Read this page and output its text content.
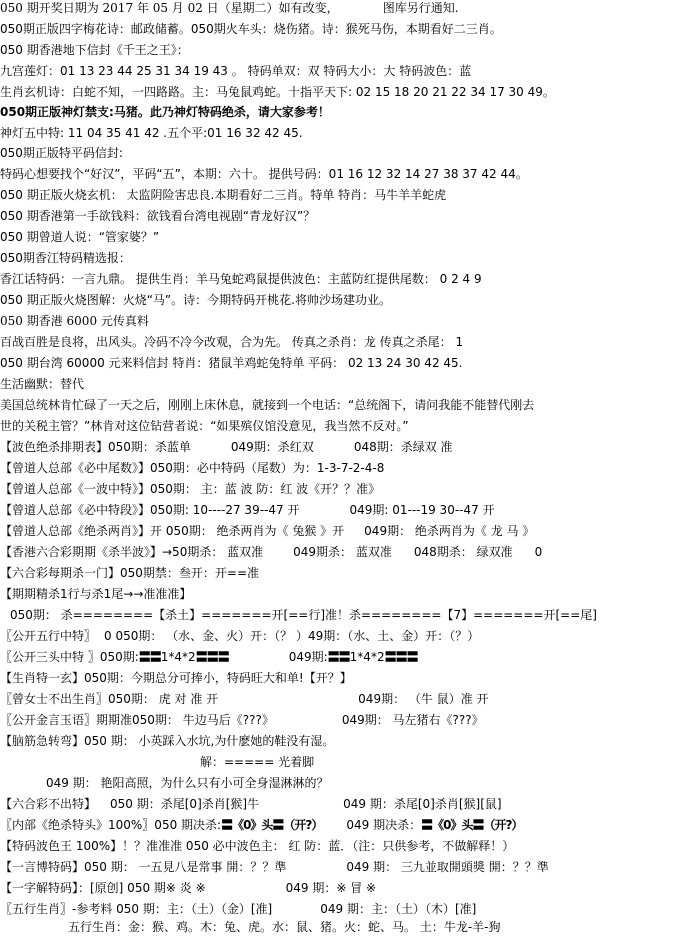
050 期开奖日期为 2017 年 05 月 02 日（星期二）如有改变，	图库另行通知.
050期正版四字梅花诗：邮政储蓄。050期火车头：烧伤猪。诗：猴死马伤，本期看好二三肖。
050 期香港地下信封《千王之王》：
九宫莲灯：01 13 23 44 25 31 34 19 43 。 特码单双：双 特码大小：大 特码波色：蓝
生肖玄机诗：白蛇不知，一四路路。主：马兔鼠鸡蛇。十指平天下: 02 15 18 20 21 22 34 17 30 49。
050期正版神灯禁支:马猪。此乃神灯特码绝杀，请大家参考！
神灯五中特: 11 04 35 41 42 .五个平:01 16 32 42 45.
050期正版特平码信封:
特码心想要找个“好汉”，平码“五”，本期：六十。 提供号码：01 16 12 32 14 27 38 37 42 44。
050 期正版火烧玄机： 太监阴险害忠良.本期看好二三肖。特单 特肖：马牛羊羊蛇虎
050 期香港第一手欲钱料：欲钱看台湾电视剧“青龙好汉”？
050 期曾道人说：“管家婆？”
050期香江特码精选报：
香江话特码：一言九鼎。 提供生肖：羊马兔蛇鸡鼠提供波色：主蓝防红提供尾数： 0 2 4 9
050 期正版火烧图解：火烧“马”。诗：今期特码开桃花.将帅沙场建功业。
050 期香港 6000 元传真料
百战百胜是良将，出风头。冷码不冷今改观，合为先。 传真之杀肖：龙 传真之杀尾： 1
050 期台湾 60000 元来料信封 特肖：猪鼠羊鸡蛇兔特单 平码： 02 13 24 30 42 45.
生活幽默：替代
美国总统林肯忙碌了一天之后，刚刚上床休息，就接到一个电话：“总统阁下，请问我能不能替代刚去
世的关税主管？”林肯对这位钻营者说：“如果殡仪馆没意见，我当然不反对。”
【波色绝杀排期表】050期：杀蓝单	049期：杀红双	048期：杀绿双 准
【曾道人总部《必中尾数》】050期：必中特码（尾数）为：1-3-7-2-4-8
【曾道人总部《一波中特》】050期： 主：蓝 波 防：红 波《开？？准》
【曾道人总部《必中特段》】050期: 10----27 39--47 开	049期: 01---19 30--47 开
【曾道人总部《绝杀两肖》】开 050期： 绝杀两肖为《 兔猴 》开 049期： 绝杀两肖为《 龙 马 》
【香港六合彩期期《杀半波》】→50期杀： 蓝双准	049期杀： 蓝双准 048期杀： 绿双准 0
【六合彩每期杀一门】050期禁：叁开：开==准
【期期精杀1行与杀1尾→→准准准】
050期： 杀========【杀土】=======开[==行]准！杀========【7】=======开[==尾]
〖公开五行中特〗 0 050期： （水、金、火）开：（？ ）49期：（水、土、金）开：（？）
〖公开三头中特 〗050期:〓〓1*4*2〓〓〓	049期:〓〓1*4*2〓〓〓
【生肖特一玄】050期：今期总分可捧小，特码旺大和单!【开？】
〖曾女士不出生肖〗050期： 虎 对 准 开	049期： （牛 鼠）准 开
〖公开金言玉语〗期期准050期： 牛边马后《???》	049期： 马左猪右《???》
【脑筋急转弯】050 期： 小英踩入水坑,为什麽她的鞋没有湿。
解：===== 光着脚
049 期： 艳阳高照，为什么只有小可全身湿淋淋的？
【六合彩不出特】 050 期：杀尾[0]杀肖[猴]牛	049 期：杀尾[0]杀肖[猴][鼠]
〖内部《绝杀特头》100%〗050 期决杀:〓《0》头〓（开?） 049 期决杀：〓《0》头〓（开?）
【特码波色王 100%】！？准准准 050 必中波色主： 红 防：蓝．（注：只供参考，不做解释！）
【一言博特码】050 期： 一五見八是常事 開：？？準	049 期： 三九並取開頭獎 開：？？準
【一字解特码】：[原创] 050 期※ 炎 ※	049 期：※ 冒 ※
〖五行生肖〗-参考料 050 期：主：（土）（金）[准]	049 期：主：（土）（木）[准]
五行生肖：金：猴、鸡。木：兔、虎。水：鼠、猪。火：蛇、马。 土：牛龙-羊-狗
